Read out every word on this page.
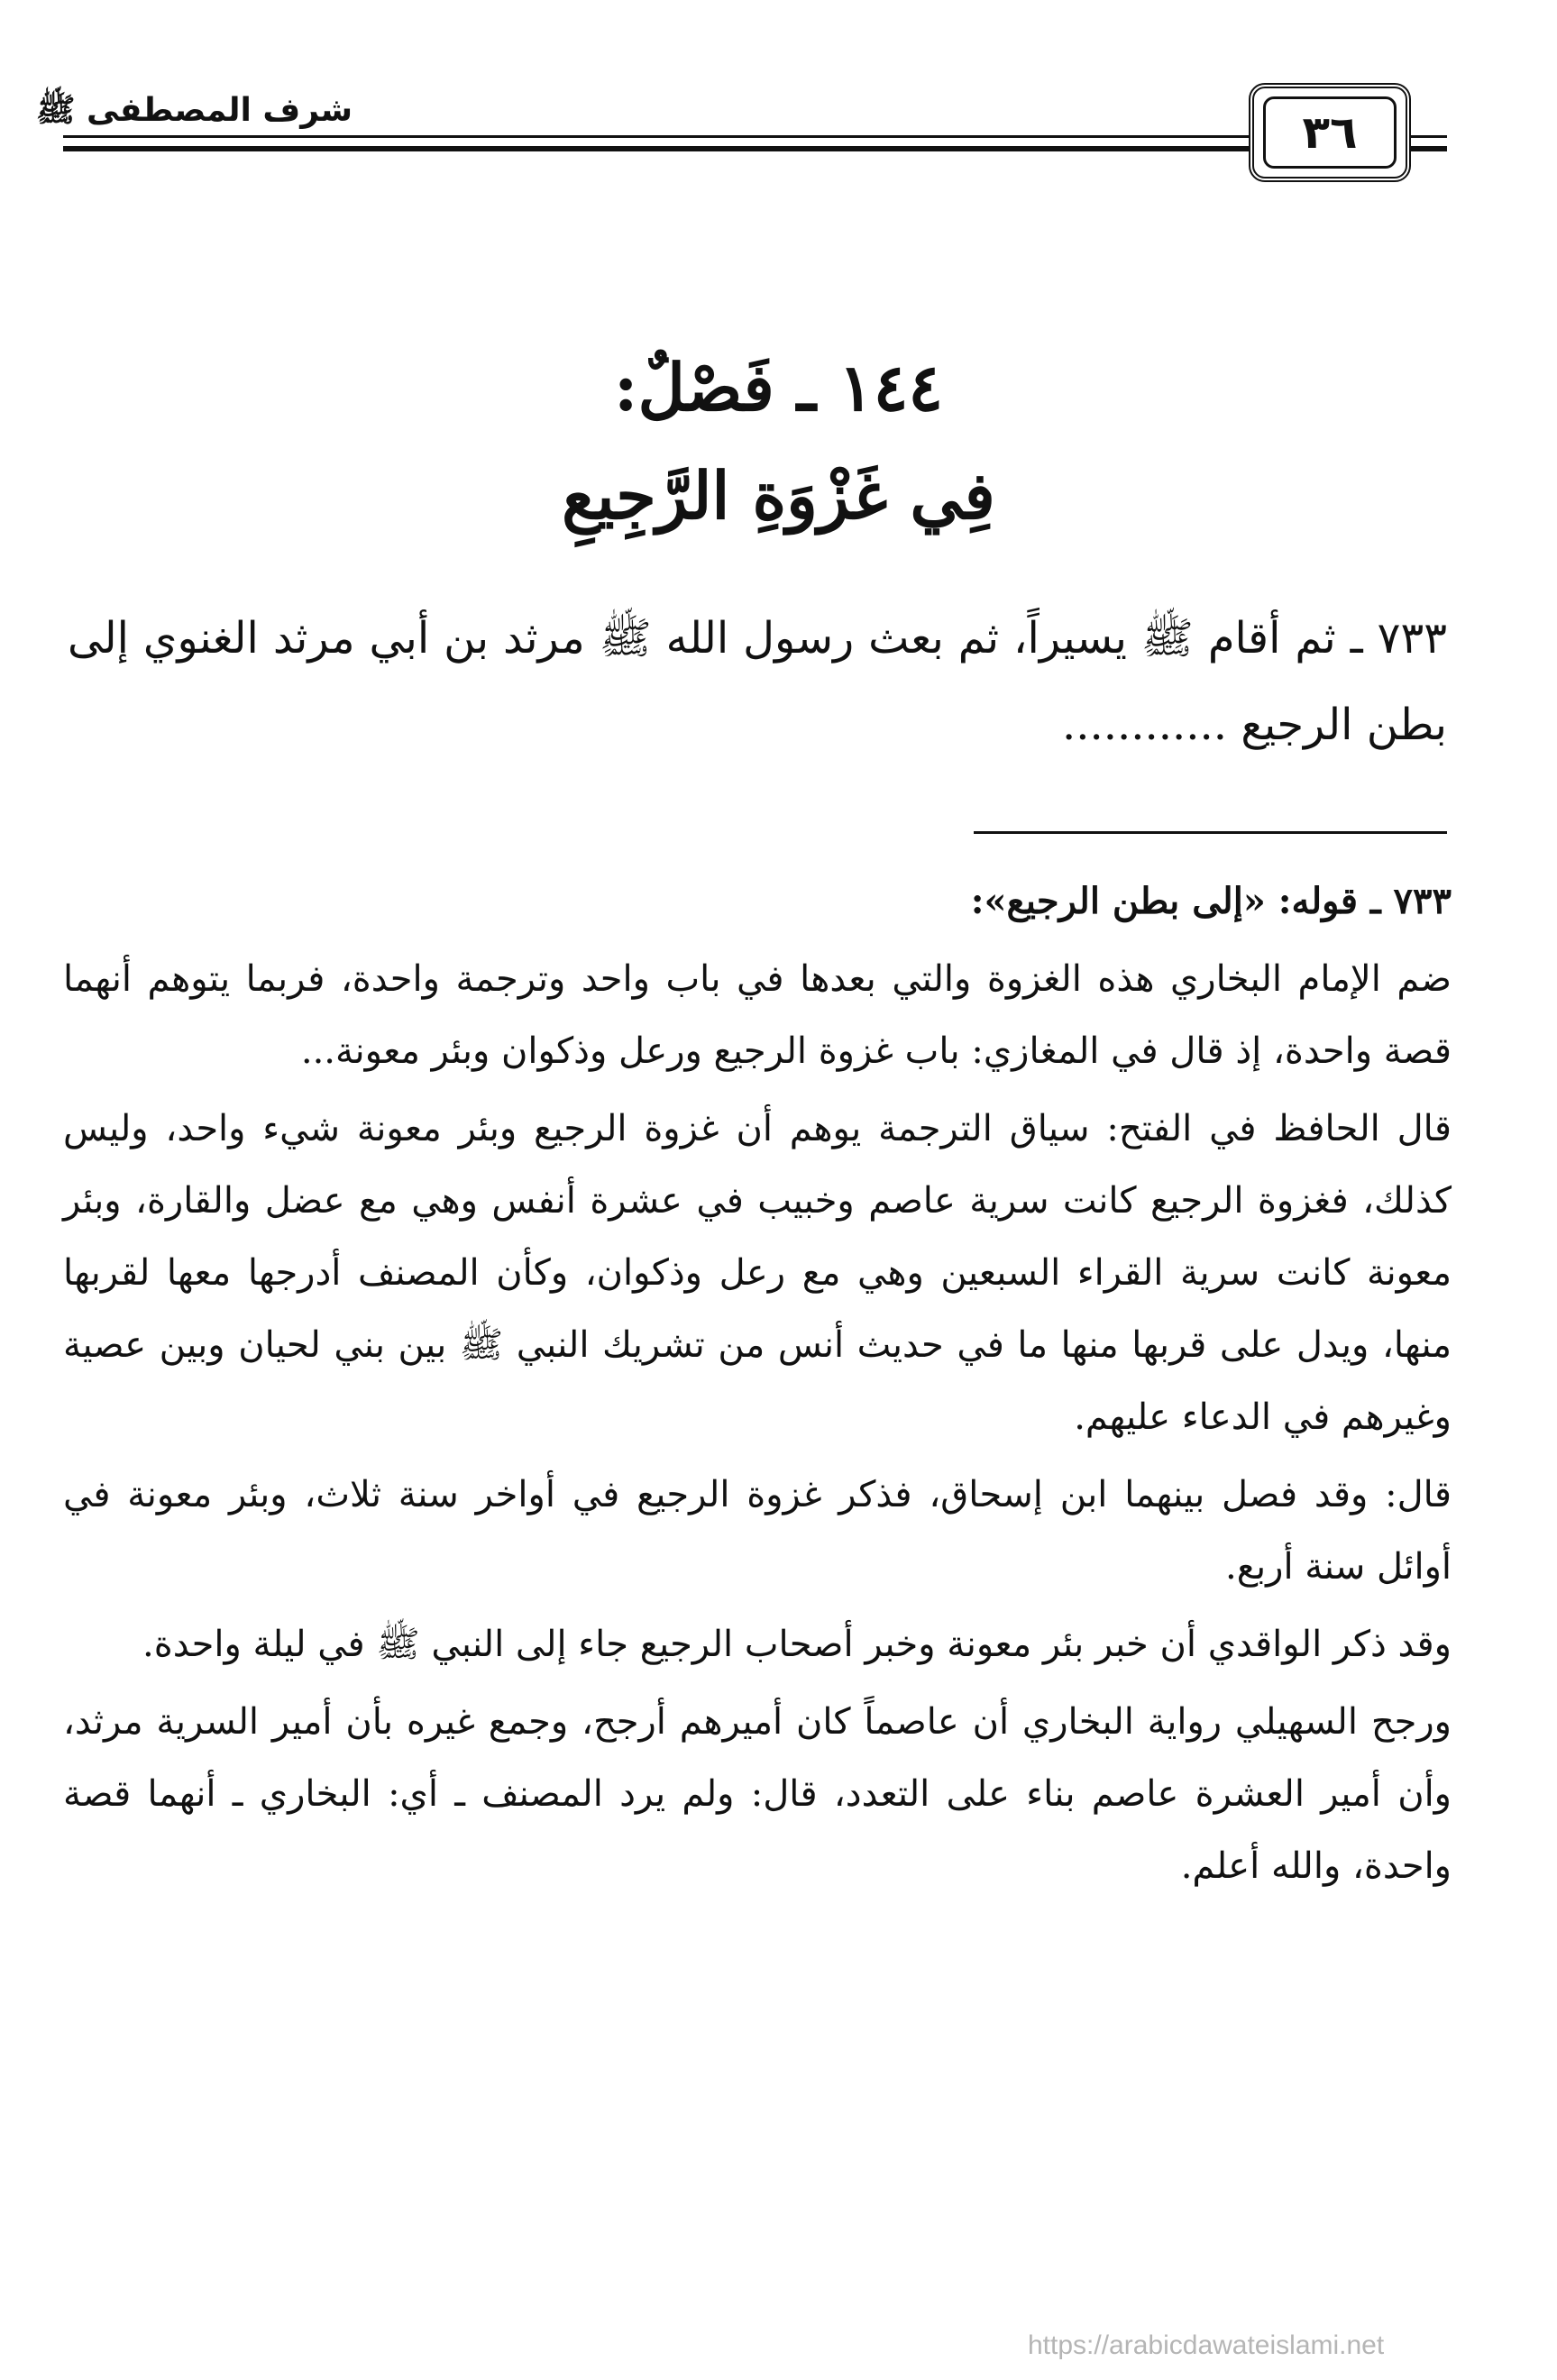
شرف المصطفى ﷺ	٣٦
١٤٤ ـ فَصْلٌ:
فِي غَزْوَةِ الرَّجِيعِ
٧٣٣ ـ ثم أقام ﷺ يسيراً، ثم بعث رسول الله ﷺ مرثد بن أبي مرثد الغنوي إلى بطن الرجيع ............

٧٣٣ ـ قوله: «إلى بطن الرجيع»:

ضم الإمام البخاري هذه الغزوة والتي بعدها في باب واحد وترجمة واحدة، فربما يتوهم أنهما قصة واحدة، إذ قال في المغازي: باب غزوة الرجيع ورعل وذكوان وبئر معونة...

قال الحافظ في الفتح: سياق الترجمة يوهم أن غزوة الرجيع وبئر معونة شيء واحد، وليس كذلك، فغزوة الرجيع كانت سرية عاصم وخبيب في عشرة أنفس وهي مع عضل والقارة، وبئر معونة كانت سرية القراء السبعين وهي مع رعل وذكوان، وكأن المصنف أدرجها معها لقربها منها، ويدل على قربها منها ما في حديث أنس من تشريك النبي ﷺ بين بني لحيان وبين عصية وغيرهم في الدعاء عليهم.

قال: وقد فصل بينهما ابن إسحاق، فذكر غزوة الرجيع في أواخر سنة ثلاث، وبئر معونة في أوائل سنة أربع.

وقد ذكر الواقدي أن خبر بئر معونة وخبر أصحاب الرجيع جاء إلى النبي ﷺ في ليلة واحدة.

ورجح السهيلي رواية البخاري أن عاصماً كان أميرهم أرجح، وجمع غيره بأن أمير السرية مرثد، وأن أمير العشرة عاصم بناء على التعدد، قال: ولم يرد المصنف ـ أي: البخاري ـ أنهما قصة واحدة، والله أعلم.

https://arabicdawateislami.net
